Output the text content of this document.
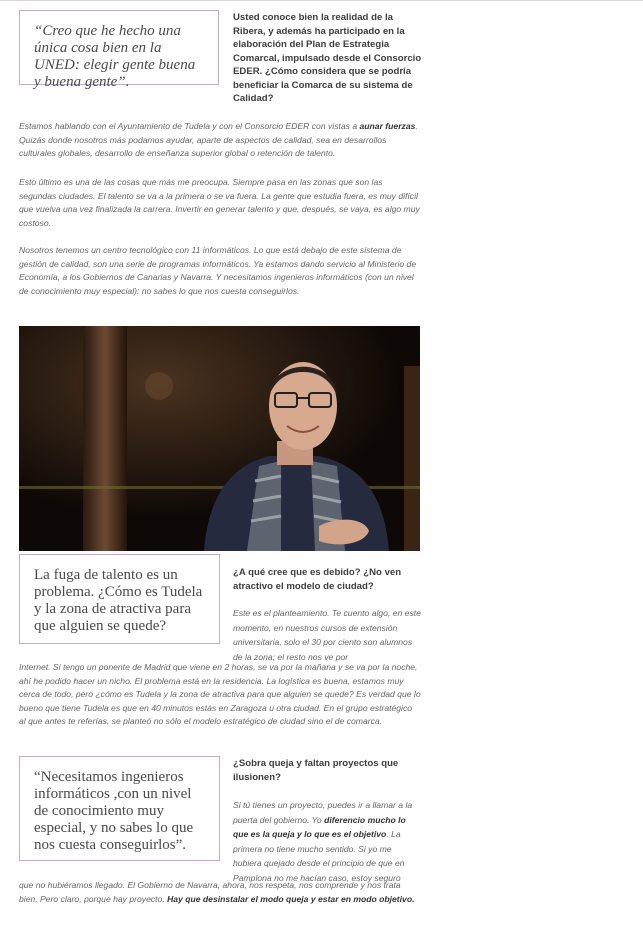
“Creo que he hecho una única cosa bien en la UNED: elegir gente buena y buena gente”.
Usted conoce bien la realidad de la Ribera, y además ha participado en la elaboración del Plan de Estrategia Comarcal, impulsado desde el Consorcio EDER. ¿Cómo considera que se podría beneficiar la Comarca de su sistema de Calidad?
Estamos hablando con el Ayuntamiento de Tudela y con el Consorcio EDER con vistas a aunar fuerzas. Quizás donde nosotros más podamos ayudar, aparte de aspectos de calidad, sea en desarrollos culturales globales, desarrollo de enseñanza superior global o retención de talento.
Esto último es una de las cosas que más me preocupa. Siempre pasa en las zonas que son las segundas ciudades. El talento se va a la primera o se va fuera. La gente que estudia fuera, es muy difícil que vuelva una vez finalizada la carrera. Invertir en generar talento y que, después, se vaya, es algo muy costoso.
Nosotros tenemos un centro tecnológico con 11 informáticos. Lo que está debajo de este sistema de gestión de calidad, son una serie de programas informáticos. Ya estamos dando servicio al Ministerio de Economía, a los Gobiernos de Canarias y Navarra. Y necesitamos ingenieros informáticos (con un nivel de conocimiento muy especial): no sabes lo que nos cuesta conseguirlos.
La fuga de talento es un problema. ¿Cómo es Tudela y la zona de atractiva para que alguien se quede?
¿A qué cree que es debido? ¿No ven atractivo el modelo de ciudad?
Este es el planteamiento. Te cuento algo, en este momento, en nuestros cursos de extensión universitaria, solo el 30 por ciento son alumnos de la zona; el resto nos ve por
Internet. Si tengo un ponente de Madrid que viene en 2 horas, se va por la mañana y se va por la noche, ahí he podido hacer un nicho. El problema está en la residencia. La logística es buena, estamos muy cerca de todo, pero ¿cómo es Tudela y la zona de atractiva para que alguien se quede? Es verdad que lo bueno que tiene Tudela es que en 40 minutos estás en Zaragoza u otra ciudad. En el grupo estratégico al que antes te referías, se planteó no sólo el modelo estratégico de ciudad sino el de comarca.
“Necesitamos ingenieros informáticos ,con un nivel de conocimiento muy especial, y no sabes lo que nos cuesta conseguirlos”.
¿Sobra queja y faltan proyectos que ilusionen?
Si tú tienes un proyecto, puedes ir a llamar a la puerta del gobierno. Yo diferencio mucho lo que es la queja y lo que es el objetivo. La primera no tiene mucho sentido. Si yo me hubiera quejado desde el principio de que en Pamplona no me hacían caso, estoy seguro
que no hubiéramos llegado. El Gobierno de Navarra, ahora, nos respeta, nos comprende y nos trata bien. Pero claro, porque hay proyecto. Hay que desinstalar el modo queja y estar en modo objetivo.
